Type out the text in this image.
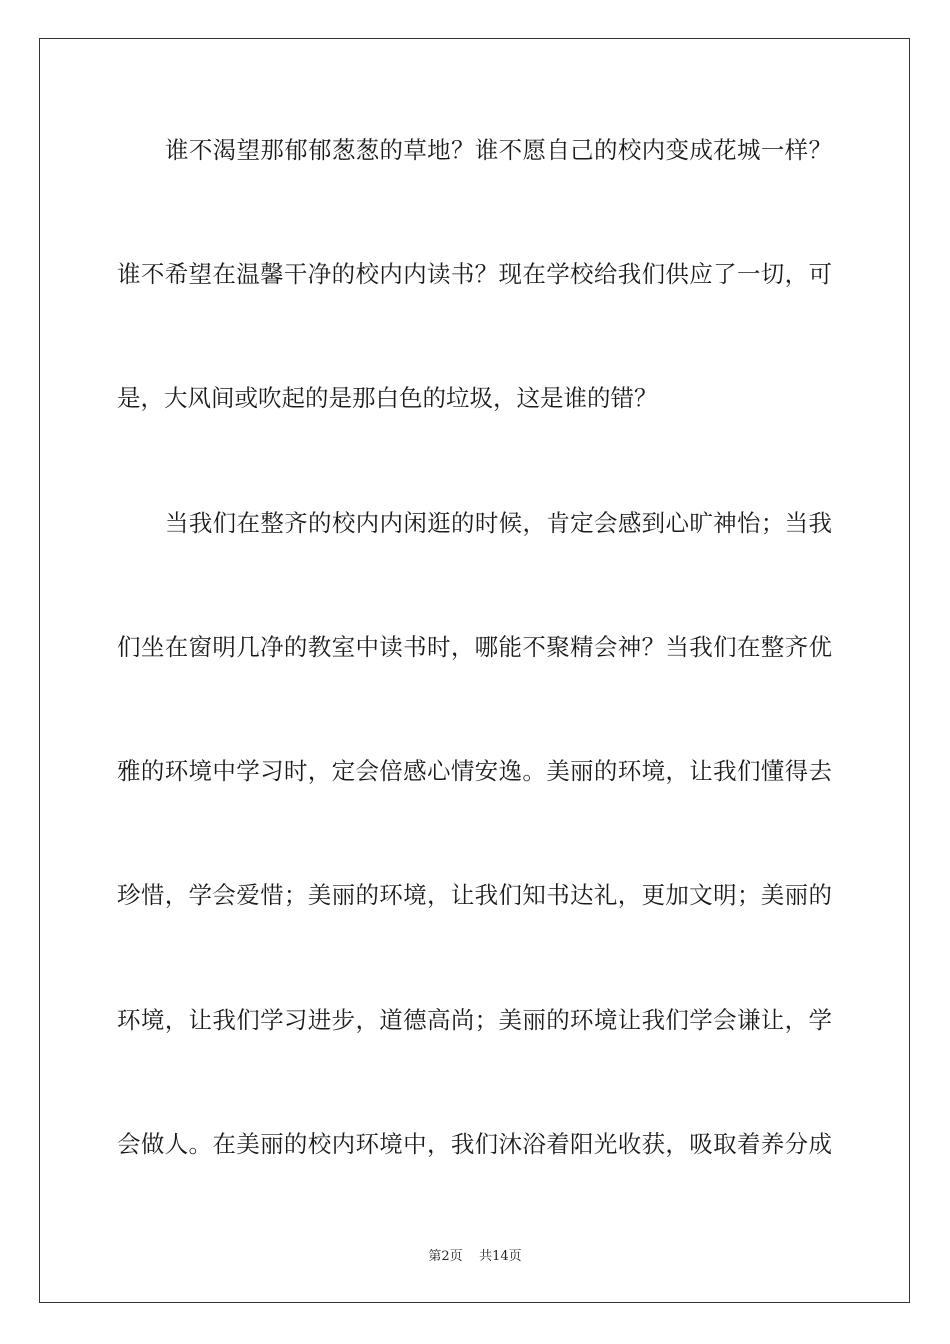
谁不渴望那郁郁葱葱的草地？谁不愿自己的校内变成花城一样？
谁不希望在温馨干净的校内内读书？现在学校给我们供应了一切，可
是，大风间或吹起的是那白色的垃圾，这是谁的错？
当我们在整齐的校内内闲逛的时候，肯定会感到心旷神怡；当我
们坐在窗明几净的教室中读书时，哪能不聚精会神？当我们在整齐优
雅的环境中学习时，定会倍感心情安逸。美丽的环境，让我们懂得去
珍惜，学会爱惜；美丽的环境，让我们知书达礼，更加文明；美丽的
环境，让我们学习进步，道德高尚；美丽的环境让我们学会谦让，学
会做人。在美丽的校内环境中，我们沐浴着阳光收获，吸取着养分成
第2页 共14页
